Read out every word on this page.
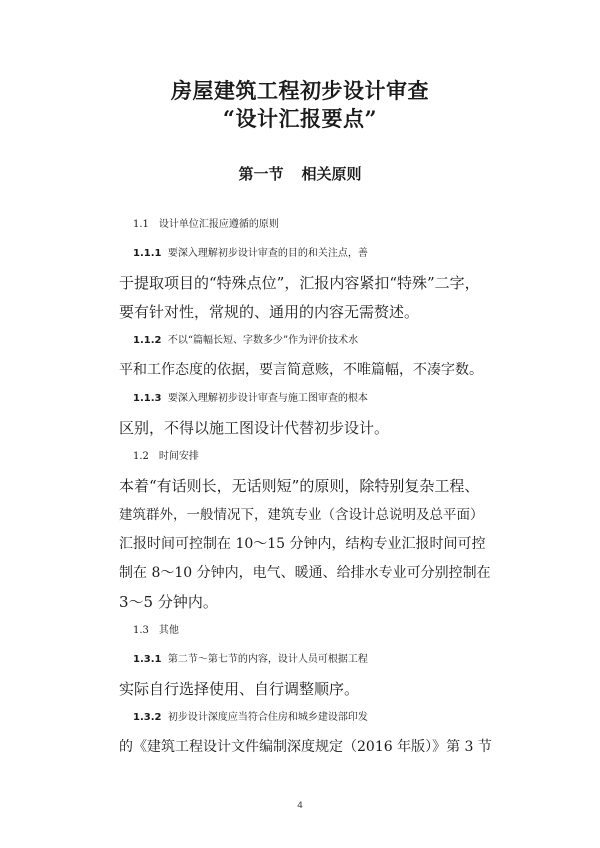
房屋建筑工程初步设计审查
“设计汇报要点”
第一节 相关原则
1.1　设计单位汇报应遵循的原则
1.1.1 要深入理解初步设计审查的目的和关注点，善
于提取项目的“特殊点位”，汇报内容紧扣“特殊”二字，
要有针对性，常规的、通用的内容无需赘述。
1.1.2 不以“篇幅长短、字数多少”作为评价技术水
平和工作态度的依据，要言简意赅，不唯篇幅，不凑字数。
1.1.3 要深入理解初步设计审查与施工图审查的根本
区别，不得以施工图设计代替初步设计。
1.2　时间安排
本着“有话则长，无话则短”的原则，除特别复杂工程、
建筑群外，一般情况下，建筑专业（含设计总说明及总平面）
汇报时间可控制在 10～15 分钟内，结构专业汇报时间可控
制在 8～10 分钟内，电气、暖通、给排水专业可分别控制在
3～5 分钟内。
1.3　其他
1.3.1 第二节～第七节的内容，设计人员可根据工程
实际自行选择使用、自行调整顺序。
1.3.2 初步设计深度应当符合住房和城乡建设部印发
的《建筑工程设计文件编制深度规定（2016 年版）》第 3 节
4
